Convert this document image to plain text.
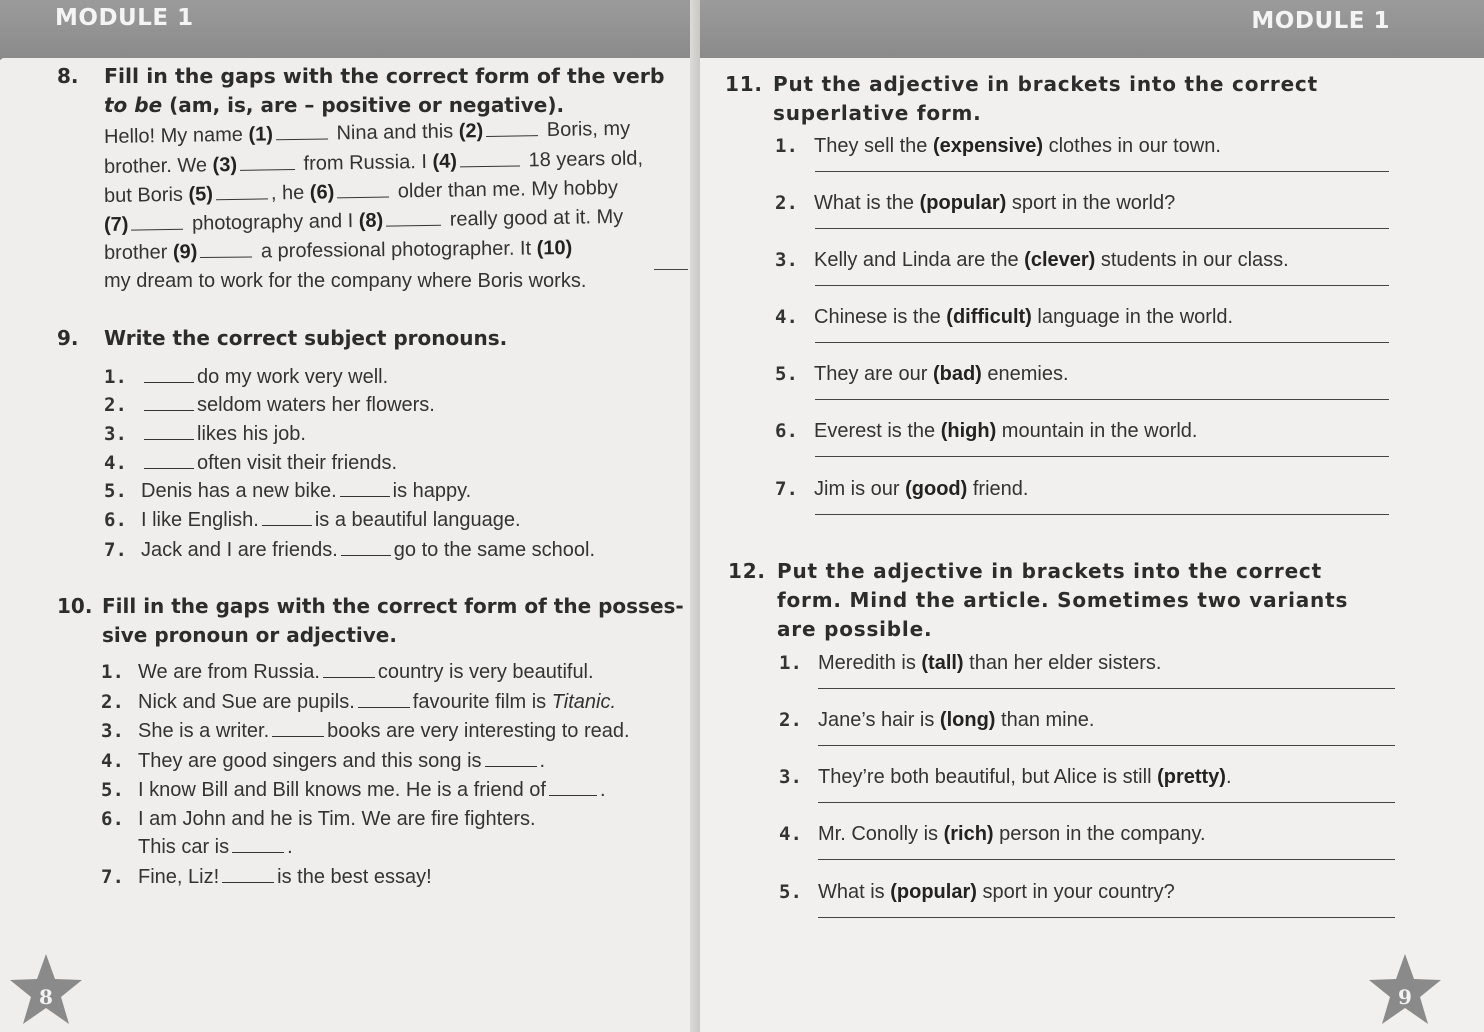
MODULE 1
8.	Fill in the gaps with the correct form of the verb
to be (am, is, are – positive or negative).
Hello! My name (1)	Nina and this (2)	Boris, my
brother. We (3)	from Russia. I (4)	18 years old,
but Boris (5)	, he (6)	older than me. My hobby
(7)	photography and I (8)	really good at it. My
brother (9)	a professional photographer. It (10)
my dream to work for the company where Boris works.
9.	Write the correct subject pronouns.
1.	do my work very well.
2.	seldom waters her flowers.
3.	likes his job.
4.	often visit their friends.
5. Denis has a new bike.	is happy.
6. I like English.	is a beautiful language.
7. Jack and I are friends.	go to the same school.
10. Fill in the gaps with the correct form of the posses-
sive pronoun or adjective.
1. We are from Russia.	country is very beautiful.
2. Nick and Sue are pupils.	favourite film is Titanic.
3. She is a writer.	books are very interesting to read.
4. They are good singers and this song is	.
5. I know Bill and Bill knows me. He is a friend of	.
6. I am John and he is Tim. We are fire fighters.
This car is	.
7. Fine, Liz!	is the best essay!
8
MODULE 1
11. Put the adjective in brackets into the correct
superlative form.
1. They sell the (expensive) clothes in our town.
2. What is the (popular) sport in the world?
3. Kelly and Linda are the (clever) students in our class.
4. Chinese is the (difficult) language in the world.
5. They are our (bad) enemies.
6. Everest is the (high) mountain in the world.
7. Jim is our (good) friend.
12. Put the adjective in brackets into the correct
form. Mind the article. Sometimes two variants
are possible.
1. Meredith is (tall) than her elder sisters.
2. Jane’s hair is (long) than mine.
3. They’re both beautiful, but Alice is still (pretty).
4. Mr. Conolly is (rich) person in the company.
5. What is (popular) sport in your country?
9
